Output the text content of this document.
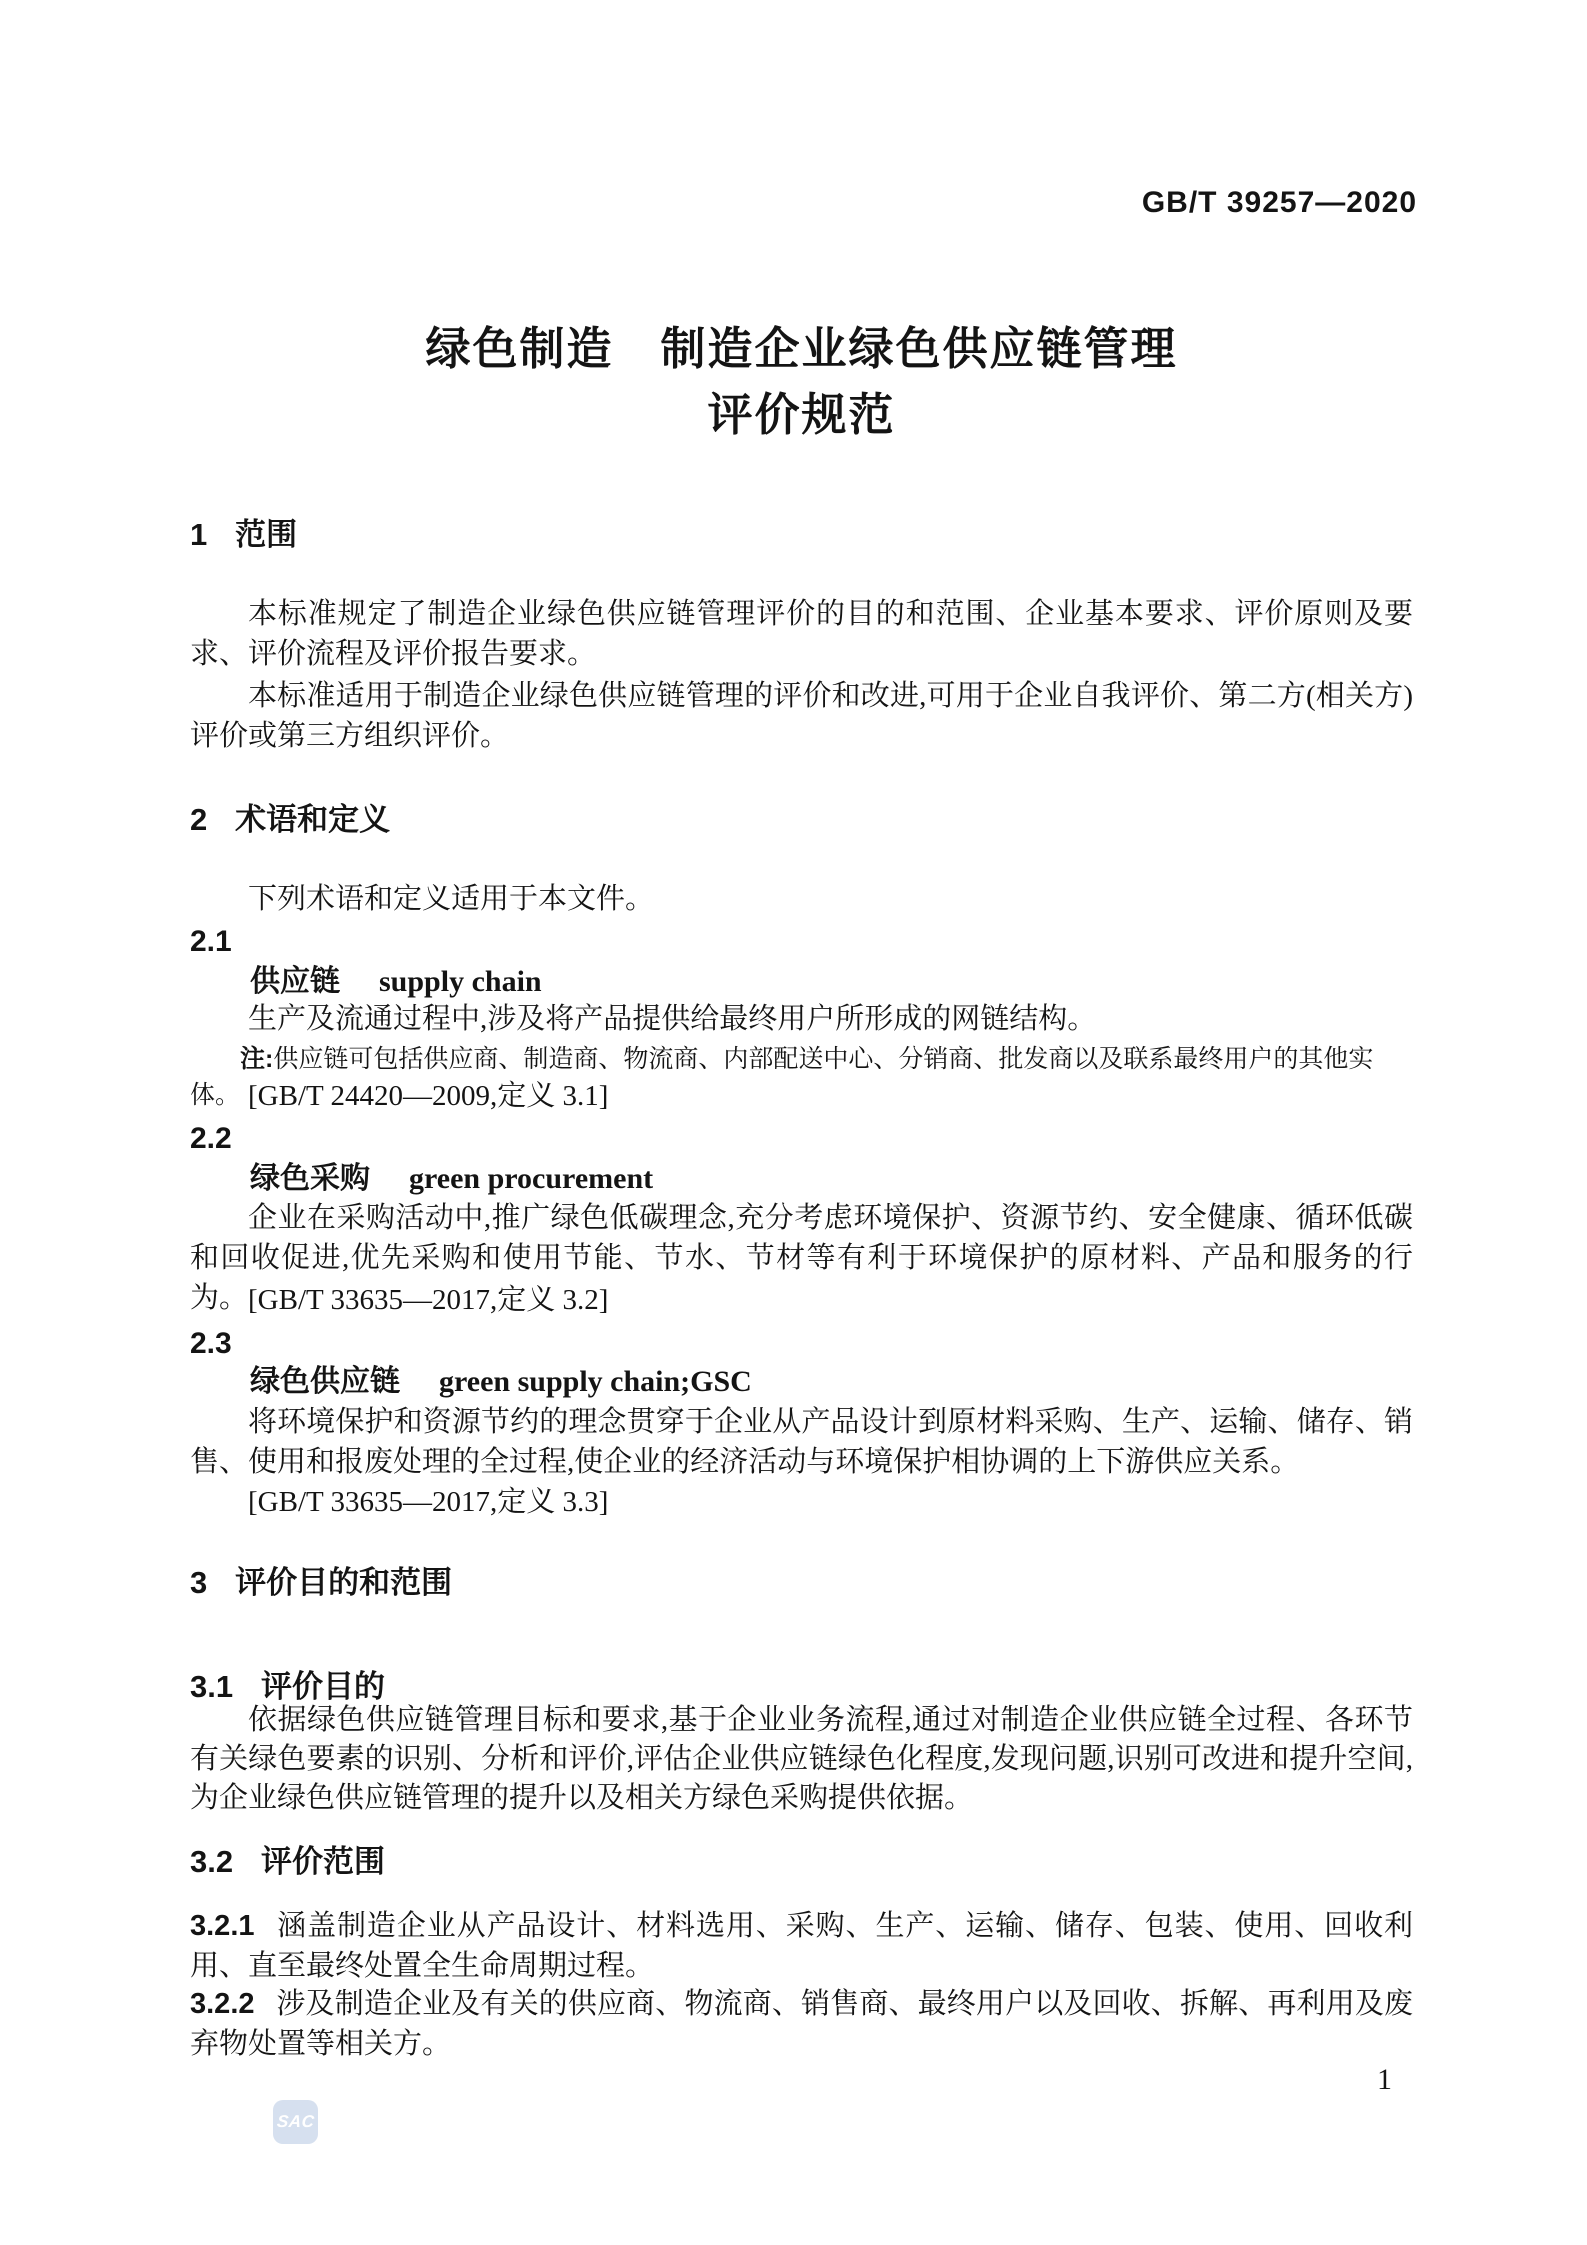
GB/T 39257—2020
绿色制造　制造企业绿色供应链管理
评价规范
1 范围
本标准规定了制造企业绿色供应链管理评价的目的和范围、企业基本要求、评价原则及要求、评价流程及评价报告要求。
本标准适用于制造企业绿色供应链管理的评价和改进,可用于企业自我评价、第二方(相关方)评价或第三方组织评价。
2 术语和定义
下列术语和定义适用于本文件。
2.1
供应链 supply chain
生产及流通过程中,涉及将产品提供给最终用户所形成的网链结构。
注:供应链可包括供应商、制造商、物流商、内部配送中心、分销商、批发商以及联系最终用户的其他实体。 [GB/T 24420—2009,定义 3.1]
2.2
绿色采购 green procurement
企业在采购活动中,推广绿色低碳理念,充分考虑环境保护、资源节约、安全健康、循环低碳和回收促进,优先采购和使用节能、节水、节材等有利于环境保护的原材料、产品和服务的行为。 [GB/T 33635—2017,定义 3.2]
2.3
绿色供应链 green supply chain;GSC
将环境保护和资源节约的理念贯穿于企业从产品设计到原材料采购、生产、运输、储存、销售、使用和报废处理的全过程,使企业的经济活动与环境保护相协调的上下游供应关系。
[GB/T 33635—2017,定义 3.3]
3 评价目的和范围
3.1 评价目的
依据绿色供应链管理目标和要求,基于企业业务流程,通过对制造企业供应链全过程、各环节有关绿色要素的识别、分析和评价,评估企业供应链绿色化程度,发现问题,识别可改进和提升空间,为企业绿色供应链管理的提升以及相关方绿色采购提供依据。
3.2 评价范围
3.2.1 涵盖制造企业从产品设计、材料选用、采购、生产、运输、储存、包装、使用、回收利用、直至最终处置全生命周期过程。
3.2.2 涉及制造企业及有关的供应商、物流商、销售商、最终用户以及回收、拆解、再利用及废弃物处置等相关方。
1
SAC
